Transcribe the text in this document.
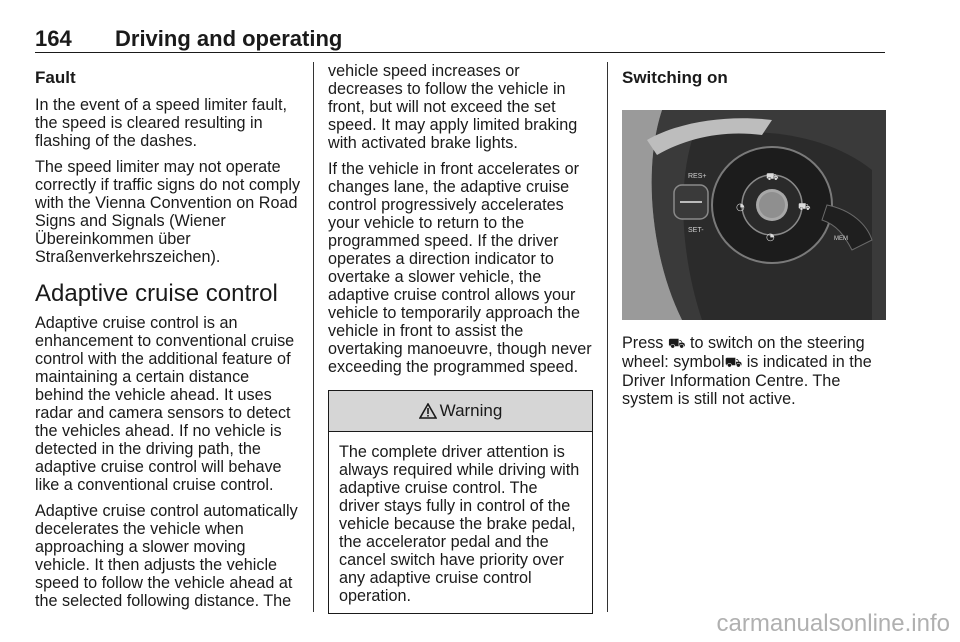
164 Driving and operating
Fault

In the event of a speed limiter fault, the speed is cleared resulting in flashing of the dashes.

The speed limiter may not operate correctly if traffic signs do not comply with the Vienna Convention on Road Signs and Signals (Wiener Übereinkommen über Straßenverkehrszeichen).

Adaptive cruise control

Adaptive cruise control is an enhancement to conventional cruise control with the additional feature of maintaining a certain distance behind the vehicle ahead. It uses radar and camera sensors to detect the vehicles ahead. If no vehicle is detected in the driving path, the adaptive cruise control will behave like a conventional cruise control.

Adaptive cruise control automatically decelerates the vehicle when approaching a slower moving vehicle. It then adjusts the vehicle speed to follow the vehicle ahead at the selected following distance. The

vehicle speed increases or decreases to follow the vehicle in front, but will not exceed the set speed. It may apply limited braking with activated brake lights.

If the vehicle in front accelerates or changes lane, the adaptive cruise control progressively accelerates your vehicle to return to the programmed speed. If the driver operates a direction indicator to overtake a slower vehicle, the adaptive cruise control allows your vehicle to temporarily approach the vehicle in front to assist the overtaking manoeuvre, though never exceeding the programmed speed.

Warning
The complete driver attention is always required while driving with adaptive cruise control. The driver stays fully in control of the vehicle because the brake pedal, the accelerator pedal and the cancel switch have priority over any adaptive cruise control operation.
Switching on
RES+
SET-
MEM
⛟
◔	⛟
◔

Press ⛟ to switch on the steering wheel: symbol⛟ is indicated in the Driver Information Centre. The system is still not active.

carmanualsonline.info
